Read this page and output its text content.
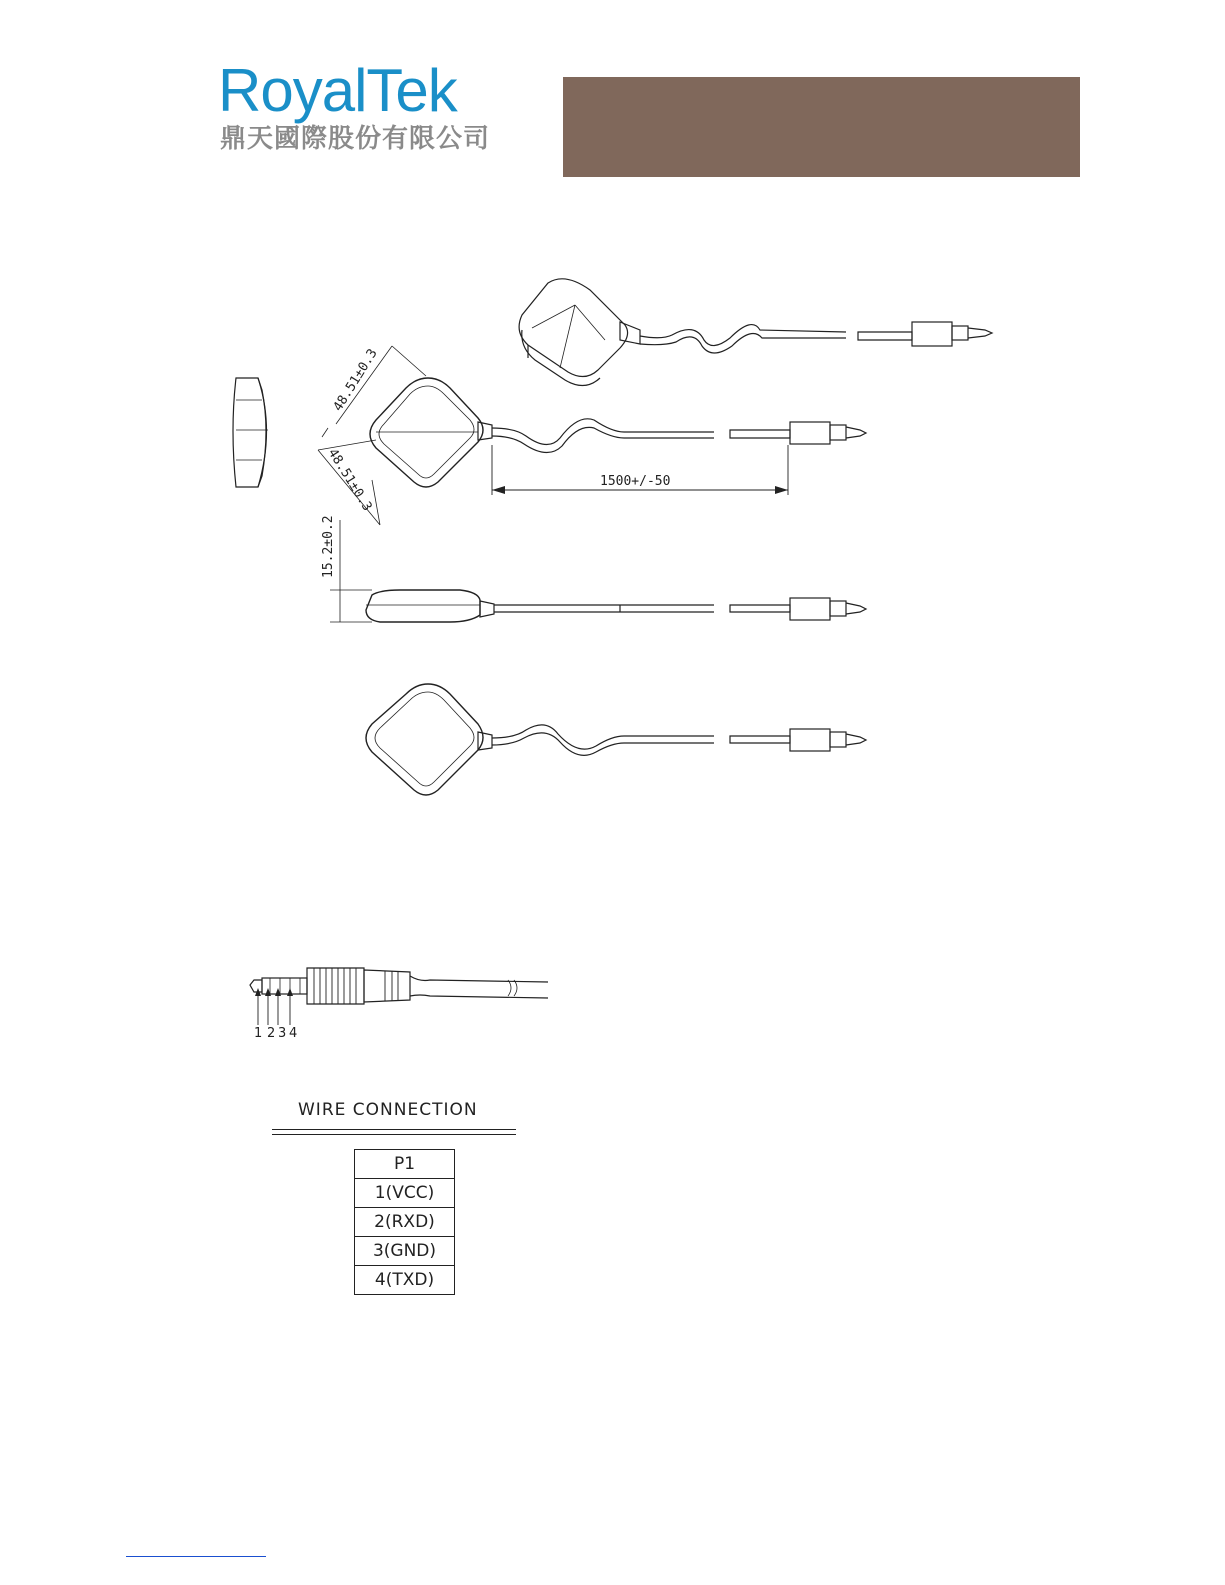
RoyalTek
鼎天國際股份有限公司
48.51±0.3
48.51±0.3	1500+/-50
15.2±0.2
1 2 3 4
WIRE CONNECTION
P1
1(VCC)
2(RXD)
3(GND)
4(TXD)
